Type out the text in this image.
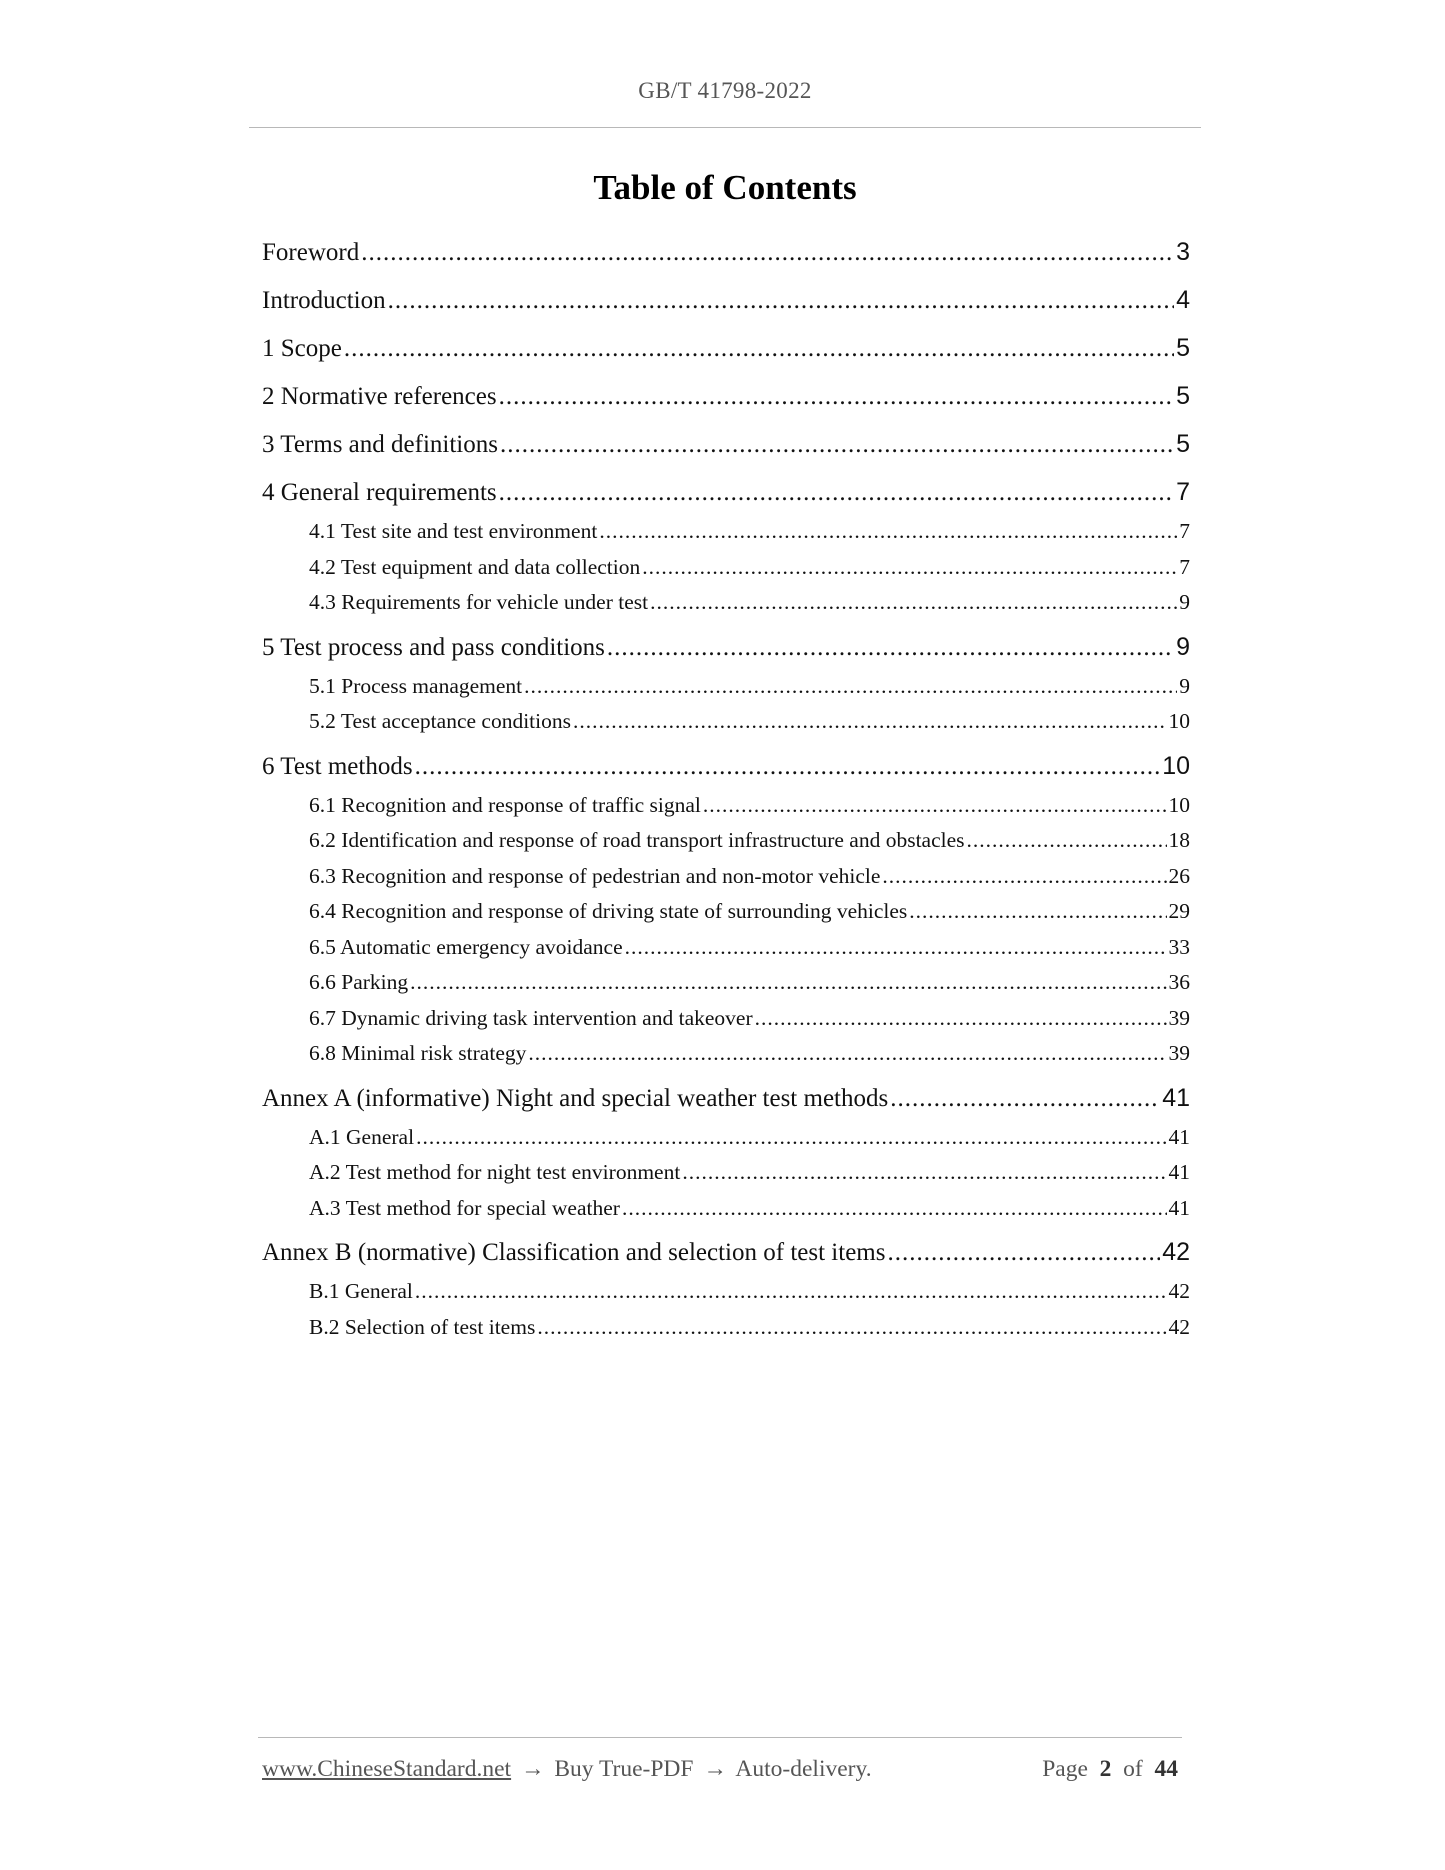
GB/T 41798-2022
Table of Contents
Foreword .....	3
Introduction .....	4
1 Scope .....	5
2 Normative references .....	5
3 Terms and definitions .....	5
4 General requirements .....	7
4.1 Test site and test environment .....	7
4.2 Test equipment and data collection .....	7
4.3 Requirements for vehicle under test .....	9
5 Test process and pass conditions .....	9
5.1 Process management .....	9
5.2 Test acceptance conditions .....	10
6 Test methods .....	10
6.1 Recognition and response of traffic signal .....	10
6.2 Identification and response of road transport infrastructure and obstacles .....	18
6.3 Recognition and response of pedestrian and non-motor vehicle .....	26
6.4 Recognition and response of driving state of surrounding vehicles .....	29
6.5 Automatic emergency avoidance .....	33
6.6 Parking .....	36
6.7 Dynamic driving task intervention and takeover .....	39
6.8 Minimal risk strategy .....	39
Annex A (informative) Night and special weather test methods .....	41
A.1 General .....	41
A.2 Test method for night test environment .....	41
A.3 Test method for special weather .....	41
Annex B (normative) Classification and selection of test items .....	42
B.1 General .....	42
B.2 Selection of test items .....	42
www.ChineseStandard.net → Buy True-PDF → Auto-delivery.	Page 2 of 44
